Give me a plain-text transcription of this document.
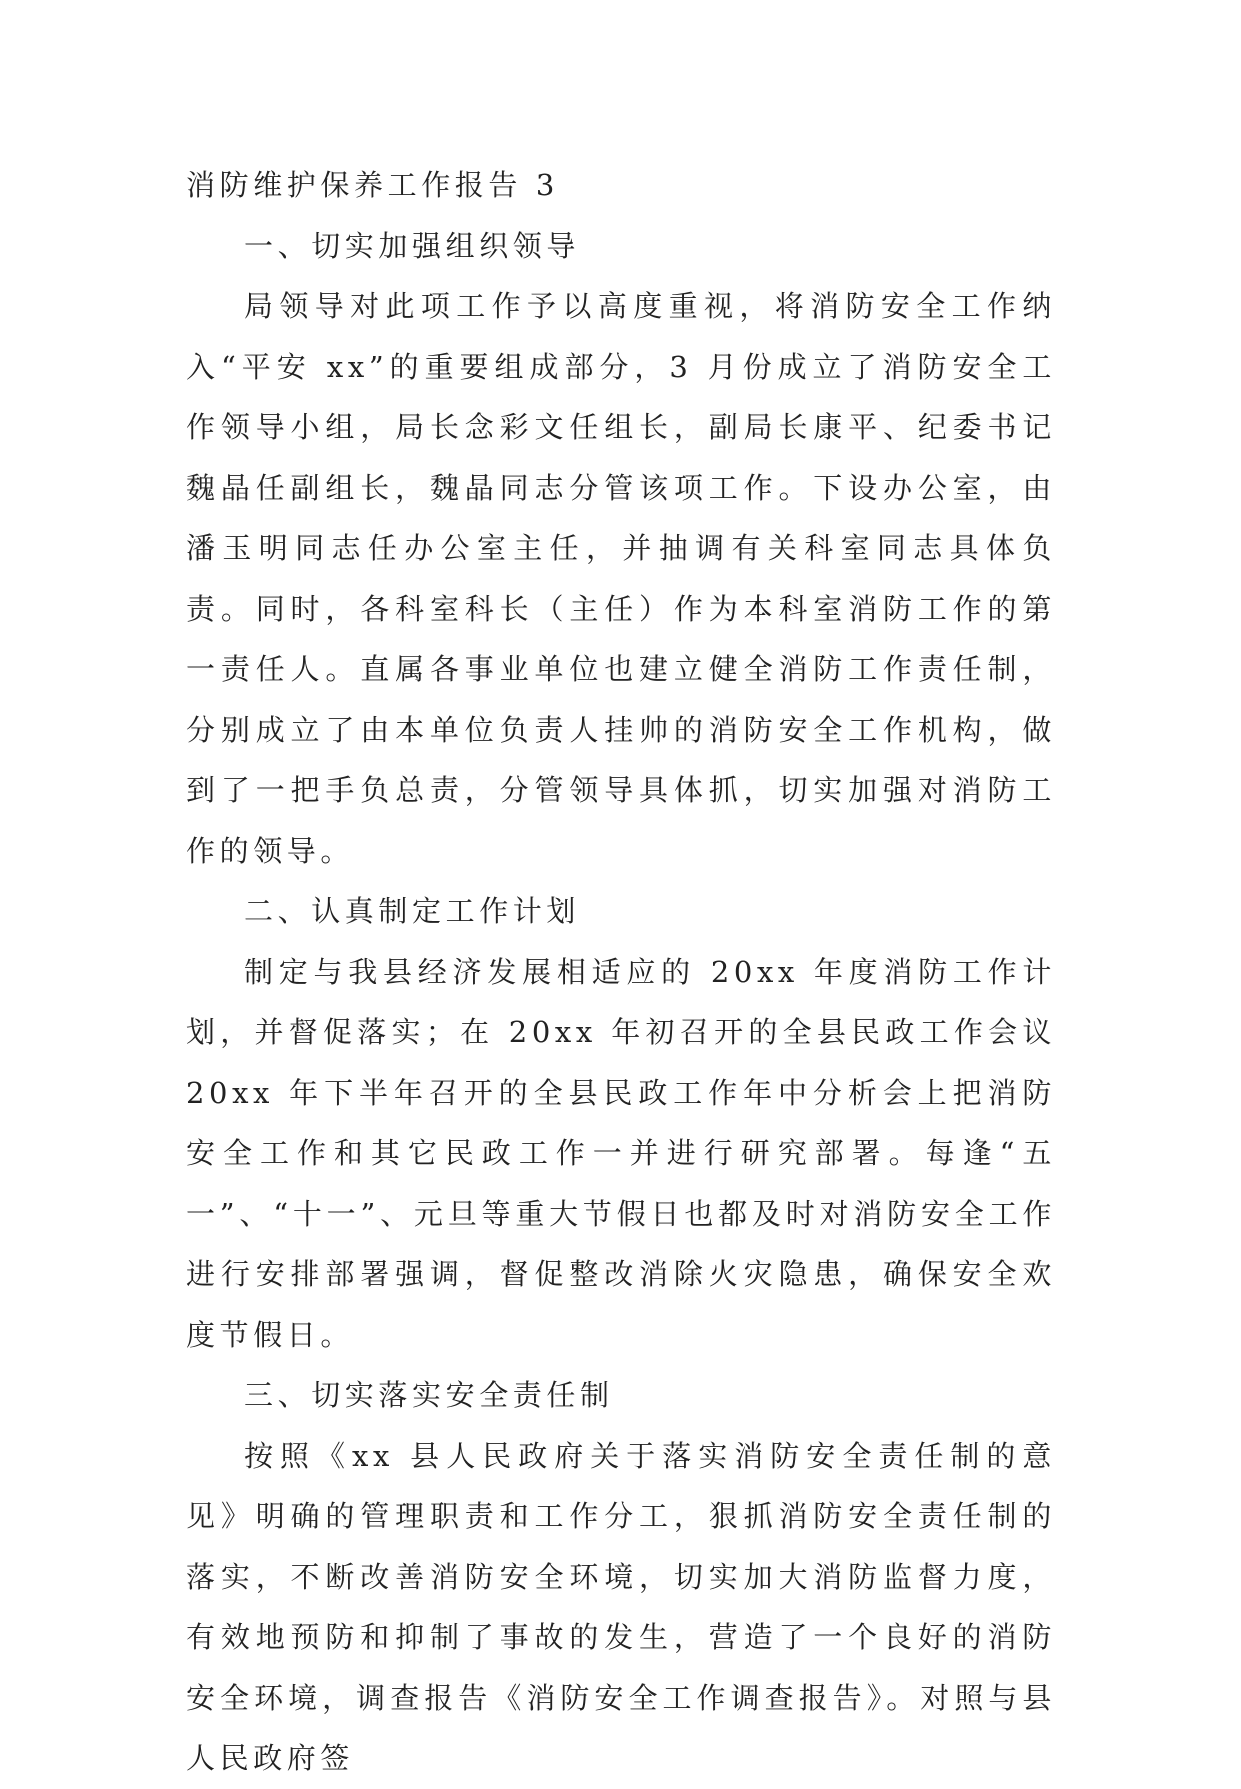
消防维护保养工作报告 3
一、切实加强组织领导

局领导对此项工作予以高度重视，将消防安全工作纳入“平安 xx”的重要组成部分，3 月份成立了消防安全工作领导小组，局长念彩文任组长，副局长康平、纪委书记魏晶任副组长，魏晶同志分管该项工作。下设办公室，由潘玉明同志任办公室主任，并抽调有关科室同志具体负责。同时，各科室科长（主任）作为本科室消防工作的第一责任人。直属各事业单位也建立健全消防工作责任制，分别成立了由本单位负责人挂帅的消防安全工作机构，做到了一把手负总责，分管领导具体抓，切实加强对消防工作的领导。

二、认真制定工作计划

制定与我县经济发展相适应的 20xx 年度消防工作计划，并督促落实；在 20xx 年初召开的全县民政工作会议 20xx 年下半年召开的全县民政工作年中分析会上把消防安全工作和其它民政工作一并进行研究部署。每逢“五一”、“十一”、元旦等重大节假日也都及时对消防安全工作进行安排部署强调，督促整改消除火灾隐患，确保安全欢度节假日。

三、切实落实安全责任制

按照《xx 县人民政府关于落实消防安全责任制的意见》明确的管理职责和工作分工，狠抓消防安全责任制的落实，不断改善消防安全环境，切实加大消防监督力度，有效地预防和抑制了事故的发生，营造了一个良好的消防安全环境，调查报告《消防安全工作调查报告》。对照与县人民政府签
